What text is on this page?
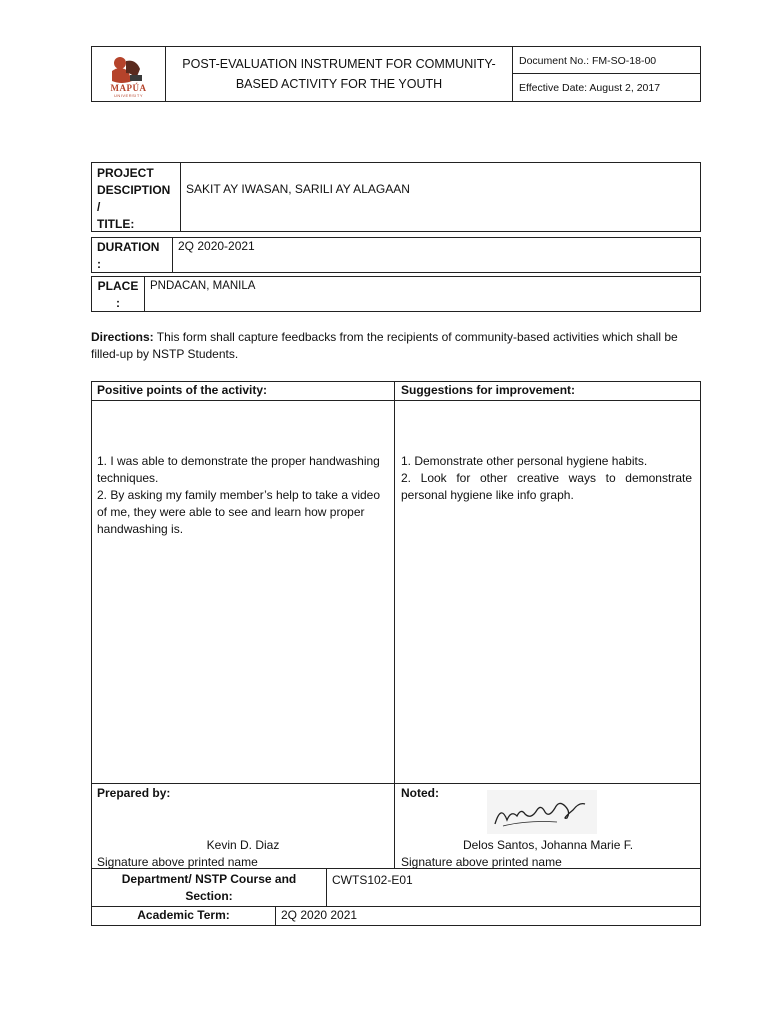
MAPÚA
UNIVERSITY
POST-EVALUATION INSTRUMENT FOR COMMUNITY-
BASED ACTIVITY FOR THE YOUTH
Document No.: FM-SO-18-00
Effective Date: August 2, 2017
PROJECT
DESCIPTION
/
TITLE:
SAKIT AY IWASAN, SARILI AY ALAGAAN
DURATION
:
2Q 2020-2021
PLACE
:
PNDACAN, MANILA
Directions: This form shall capture feedbacks from the recipients of community-based activities which shall be filled-up by NSTP Students.
Positive points of the activity:	Suggestions for improvement:
1. I was able to demonstrate the proper handwashing techniques.
2. By asking my family member’s help to take a video of me, they were able to see and learn how proper handwashing is.
1. Demonstrate other personal hygiene habits.
2. Look for other creative ways to demonstrate personal hygiene like info graph.
Prepared by:
Kevin D. Diaz
Signature above printed name
Noted:
Delos Santos, Johanna Marie F.
Signature above printed name
Department/ NSTP Course and
Section:
CWTS102-E01
Academic Term:	2Q 2020 2021
